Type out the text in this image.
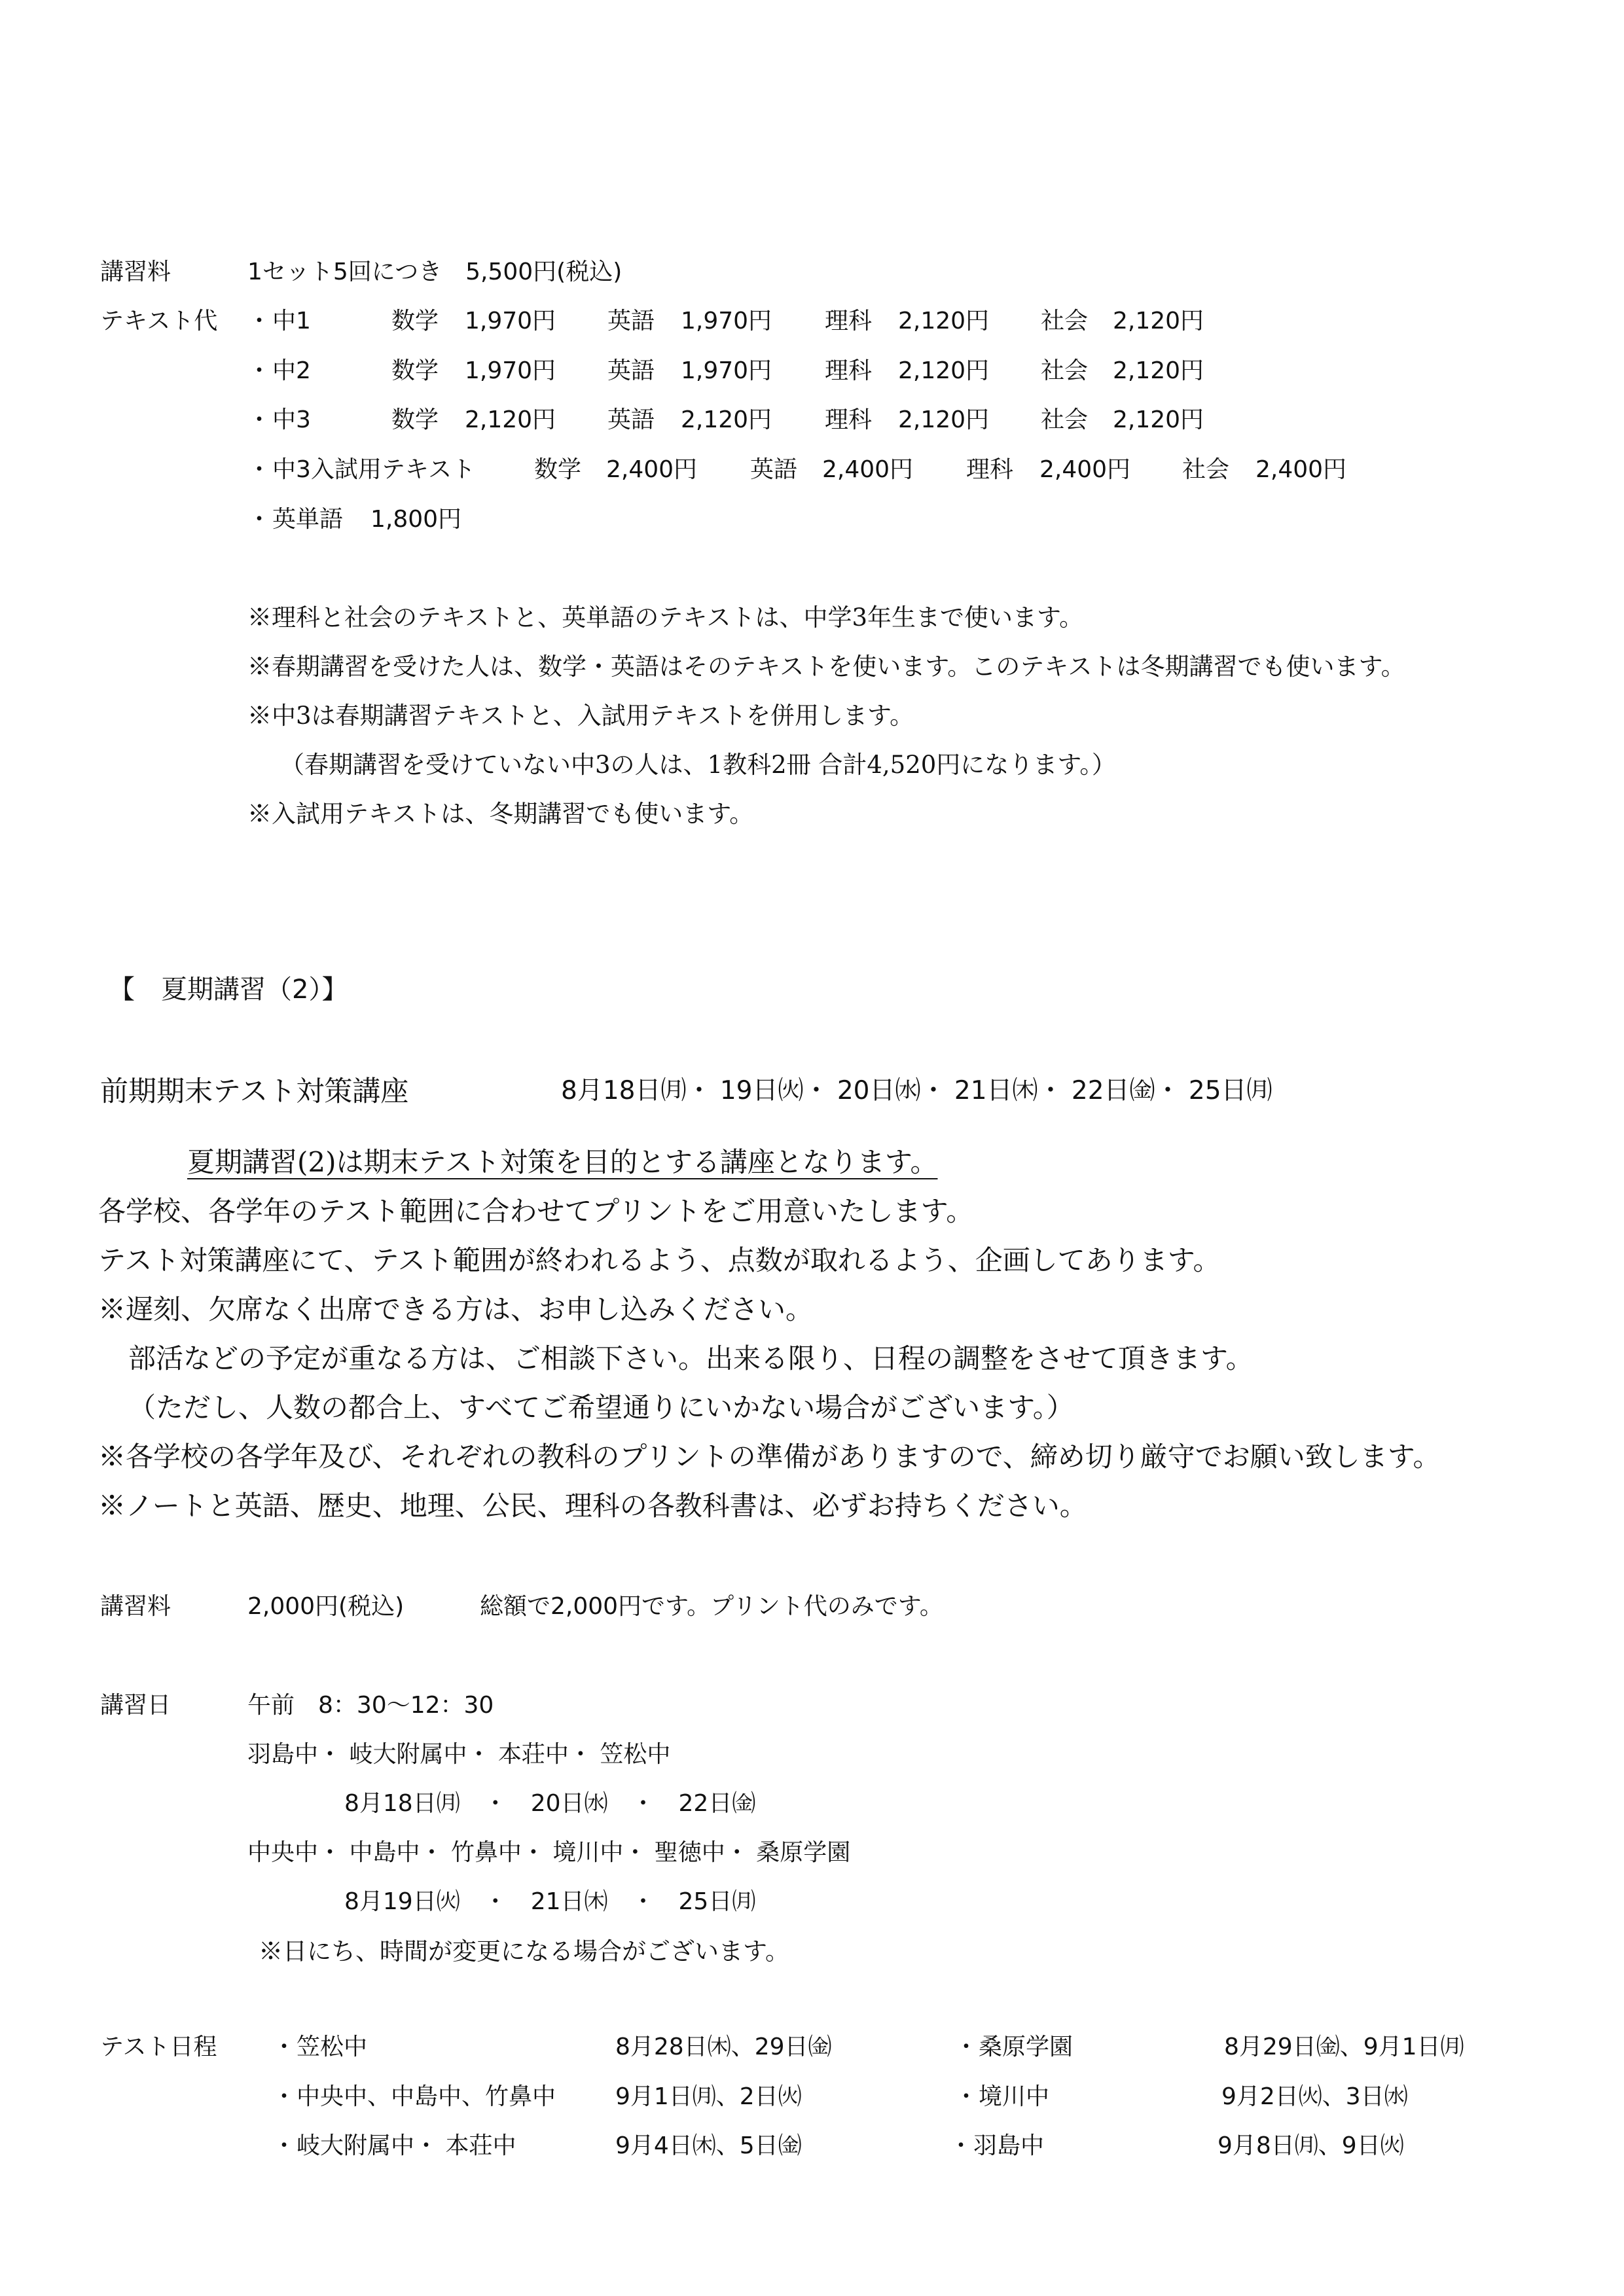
講習料	1セット5回につき　5,500円(税込)
テキスト代 ・ 中1	数学 1,970円 英語 1,970円 理科 2,120円 社会 2,120円
・ 中2	数学 1,970円 英語 1,970円 理科 2,120円 社会 2,120円
・ 中3	数学 2,120円 英語 2,120円 理科 2,120円 社会 2,120円
・ 中3入試用テキスト 数学 2,400円 英語 2,400円 理科 2,400円 社会 2,400円
・ 英単語 1,800円
※理科と社会のテキストと、英単語のテキストは、中学3年生まで使います。
※春期講習を受けた人は、数学・英語はそのテキストを使います。このテキストは冬期講習でも使います。
※中3は春期講習テキストと、入試用テキストを併用します。
（春期講習を受けていない中3の人は、1教科2冊 合計4,520円になります。）
※入試用テキストは、冬期講習でも使います。
【　夏期講習（2）】
前期期末テスト対策講座	8月18日㈪・ 19日㈫・ 20日㈬・ 21日㈭・ 22日㈮・ 25日㈪
夏期講習(2)は期末テスト対策を目的とする講座となります。
各学校、各学年のテスト範囲に合わせてプリントをご用意いたします。
テスト対策講座にて、テスト範囲が終われるよう、点数が取れるよう、企画してあります。
※遅刻、欠席なく出席できる方は、お申し込みください。
部活などの予定が重なる方は、ご相談下さい。出来る限り、日程の調整をさせて頂きます。
（ただし、人数の都合上、すべてご希望通りにいかない場合がございます。）
※各学校の各学年及び、それぞれの教科のプリントの準備がありますので、締め切り厳守でお願い致します。
※ノートと英語、歴史、地理、公民、理科の各教科書は、必ずお持ちください。
講習料	2,000円(税込)	総額で2,000円です。プリント代のみです。
講習日	午前　8：30～12：30
羽島中・ 岐大附属中・ 本荘中・ 笠松中
8月18日㈪　・　20日㈬　・　22日㈮
中央中・ 中島中・ 竹鼻中・ 境川中・ 聖徳中・ 桑原学園
8月19日㈫　・　21日㈭　・　25日㈪
※日にち、時間が変更になる場合がございます。
テスト日程 ・ 笠松中	8月28日㈭、29日㈮	・ 桑原学園	8月29日㈮、9月1日㈪
・ 中央中、中島中、竹鼻中	9月1日㈪、2日㈫	・ 境川中	9月2日㈫、3日㈬
・ 岐大附属中・ 本荘中	9月4日㈭、5日㈮	・ 羽島中	9月8日㈪、9日㈫
